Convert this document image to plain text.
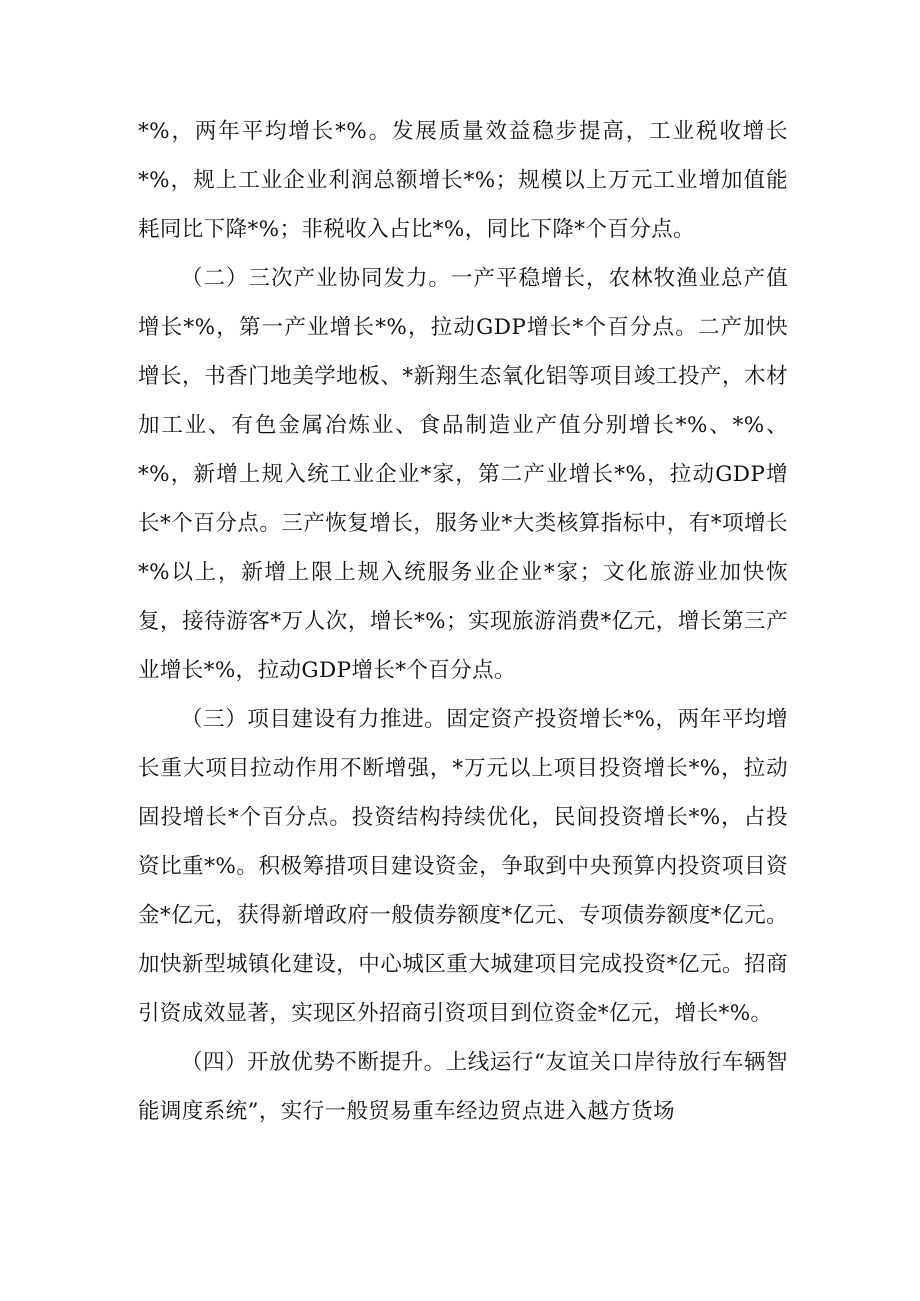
*%，两年平均增长*%。发展质量效益稳步提高，工业税收增长*%，规上工业企业利润总额增长*%；规模以上万元工业增加值能耗同比下降*%；非税收入占比*%，同比下降*个百分点。

（二）三次产业协同发力。一产平稳增长，农林牧渔业总产值增长*%，第一产业增长*%，拉动GDP增长*个百分点。二产加快增长，书香门地美学地板、*新翔生态氧化铝等项目竣工投产，木材加工业、有色金属冶炼业、食品制造业产值分别增长*%、*%、*%，新增上规入统工业企业*家，第二产业增长*%，拉动GDP增长*个百分点。三产恢复增长，服务业*大类核算指标中，有*项增长*%以上，新增上限上规入统服务业企业*家；文化旅游业加快恢复，接待游客*万人次，增长*%；实现旅游消费*亿元，增长第三产业增长*%，拉动GDP增长*个百分点。

（三）项目建设有力推进。固定资产投资增长*%，两年平均增长重大项目拉动作用不断增强，*万元以上项目投资增长*%，拉动固投增长*个百分点。投资结构持续优化，民间投资增长*%，占投资比重*%。积极筹措项目建设资金，争取到中央预算内投资项目资金*亿元，获得新增政府一般债券额度*亿元、专项债券额度*亿元。加快新型城镇化建设，中心城区重大城建项目完成投资*亿元。招商引资成效显著，实现区外招商引资项目到位资金*亿元，增长*%。

（四）开放优势不断提升。上线运行“友谊关口岸待放行车辆智能调度系统”，实行一般贸易重车经边贸点进入越方货场
